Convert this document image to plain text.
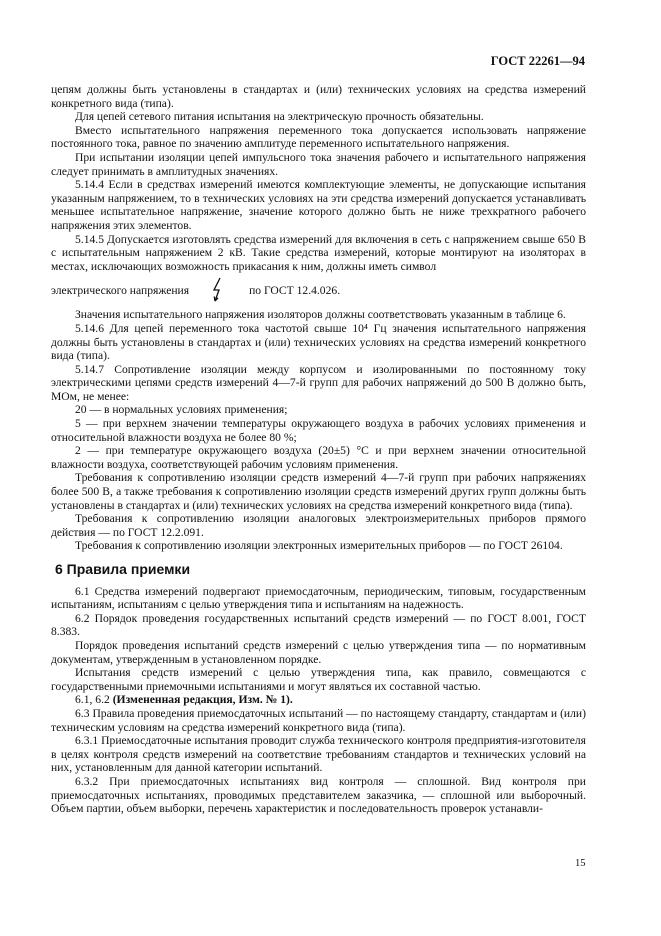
ГОСТ 22261—94

цепям должны быть установлены в стандартах и (или) технических условиях на средства измерений конкретного вида (типа).

Для цепей сетевого питания испытания на электрическую прочность обязательны.

Вместо испытательного напряжения переменного тока допускается использовать напряжение постоянного тока, равное по значению амплитуде переменного испытательного напряжения.

При испытании изоляции цепей импульсного тока значения рабочего и испытательного напряжения следует принимать в амплитудных значениях.

5.14.4 Если в средствах измерений имеются комплектующие элементы, не допускающие испытания указанным напряжением, то в технических условиях на эти средства измерений допускается устанавливать меньшее испытательное напряжение, значение которого должно быть не ниже трехкратного рабочего напряжения этих элементов.

5.14.5 Допускается изготовлять средства измерений для включения в сеть с напряжением свыше 650 В с испытательным напряжением 2 кВ. Такие средства измерений, которые монтируют на изоляторах в местах, исключающих возможность прикасания к ним, должны иметь символ

электрического напряжения	по ГОСТ 12.4.026.

Значения испытательного напряжения изоляторов должны соответствовать указанным в таблице 6.

5.14.6 Для цепей переменного тока частотой свыше 10⁴ Гц значения испытательного напряжения должны быть установлены в стандартах и (или) технических условиях на средства измерений конкретного вида (типа).

5.14.7 Сопротивление изоляции между корпусом и изолированными по постоянному току электрическими цепями средств измерений 4—7-й групп для рабочих напряжений до 500 В должно быть, МОм, не менее:

20 — в нормальных условиях применения;

5 — при верхнем значении температуры окружающего воздуха в рабочих условиях применения и относительной влажности воздуха не более 80 %;

2 — при температуре окружающего воздуха (20±5) °С и при верхнем значении относительной влажности воздуха, соответствующей рабочим условиям применения.

Требования к сопротивлению изоляции средств измерений 4—7-й групп при рабочих напряжениях более 500 В, а также требования к сопротивлению изоляции средств измерений других групп должны быть установлены в стандартах и (или) технических условиях на средства измерений конкретного вида (типа).

Требования к сопротивлению изоляции аналоговых электроизмерительных приборов прямого действия — по ГОСТ 12.2.091.

Требования к сопротивлению изоляции электронных измерительных приборов — по ГОСТ 26104.

6 Правила приемки

6.1 Средства измерений подвергают приемосдаточным, периодическим, типовым, государственным испытаниям, испытаниям с целью утверждения типа и испытаниям на надежность.

6.2 Порядок проведения государственных испытаний средств измерений — по ГОСТ 8.001, ГОСТ 8.383.

Порядок проведения испытаний средств измерений с целью утверждения типа — по нормативным документам, утвержденным в установленном порядке.

Испытания средств измерений с целью утверждения типа, как правило, совмещаются с государственными приемочными испытаниями и могут являться их составной частью.

6.1, 6.2 (Измененная редакция, Изм. № 1).

6.3 Правила проведения приемосдаточных испытаний — по настоящему стандарту, стандартам и (или) техническим условиям на средства измерений конкретного вида (типа).

6.3.1 Приемосдаточные испытания проводит служба технического контроля предприятия-изготовителя в целях контроля средств измерений на соответствие требованиям стандартов и технических условий на них, установленным для данной категории испытаний.

6.3.2 При приемосдаточных испытаниях вид контроля — сплошной. Вид контроля при приемосдаточных испытаниях, проводимых представителем заказчика, — сплошной или выборочный. Объем партии, объем выборки, перечень характеристик и последовательность проверок устанавли-

15
